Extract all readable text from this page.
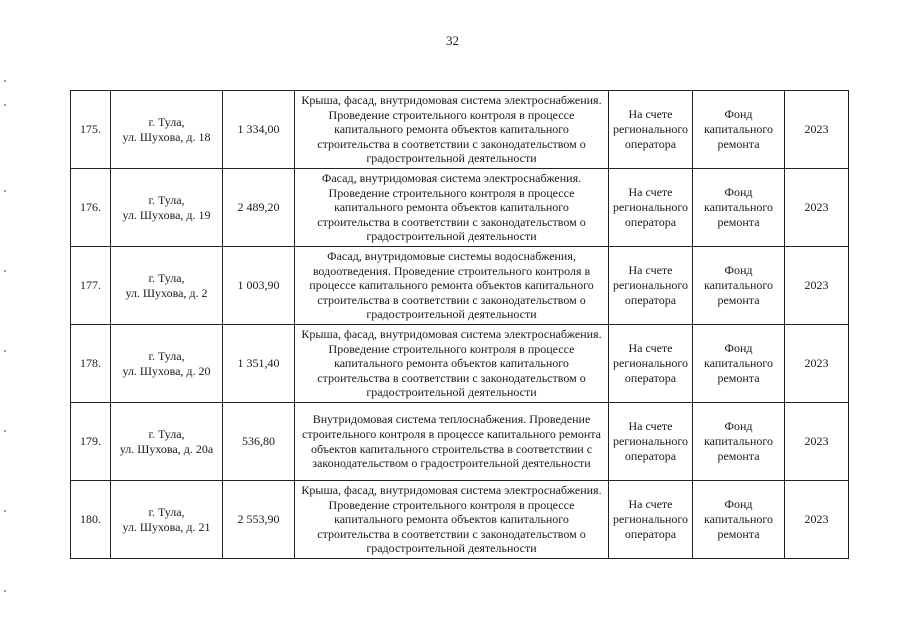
32
175.	г. Тула,
ул. Шухова, д. 18	1 334,00	Крыша, фасад, внутридомовая система электроснабжения. Проведение строительного контроля в процессе капитального ремонта объектов капитального строительства в соответствии с законодательством о градостроительной деятельности	На счете регионального оператора	Фонд капитального ремонта	2023
176.	г. Тула,
ул. Шухова, д. 19	2 489,20	Фасад, внутридомовая система электроснабжения. Проведение строительного контроля в процессе капитального ремонта объектов капитального строительства в соответствии с законодательством о градостроительной деятельности	На счете регионального оператора	Фонд капитального ремонта	2023
177.	г. Тула,
ул. Шухова, д. 2	1 003,90	Фасад, внутридомовые системы водоснабжения, водоотведения. Проведение строительного контроля в процессе капитального ремонта объектов капитального строительства в соответствии с законодательством о градостроительной деятельности	На счете регионального оператора	Фонд капитального ремонта	2023
178.	г. Тула,
ул. Шухова, д. 20	1 351,40	Крыша, фасад, внутридомовая система электроснабжения. Проведение строительного контроля в процессе капитального ремонта объектов капитального строительства в соответствии с законодательством о градостроительной деятельности	На счете регионального оператора	Фонд капитального ремонта	2023
179.	г. Тула,
ул. Шухова, д. 20а	536,80	Внутридомовая система теплоснабжения. Проведение строительного контроля в процессе капитального ремонта объектов капитального строительства в соответствии с законодательством о градостроительной деятельности	На счете регионального оператора	Фонд капитального ремонта	2023
180.	г. Тула,
ул. Шухова, д. 21	2 553,90	Крыша, фасад, внутридомовая система электроснабжения. Проведение строительного контроля в процессе капитального ремонта объектов капитального строительства в соответствии с законодательством о градостроительной деятельности	На счете регионального оператора	Фонд капитального ремонта	2023
